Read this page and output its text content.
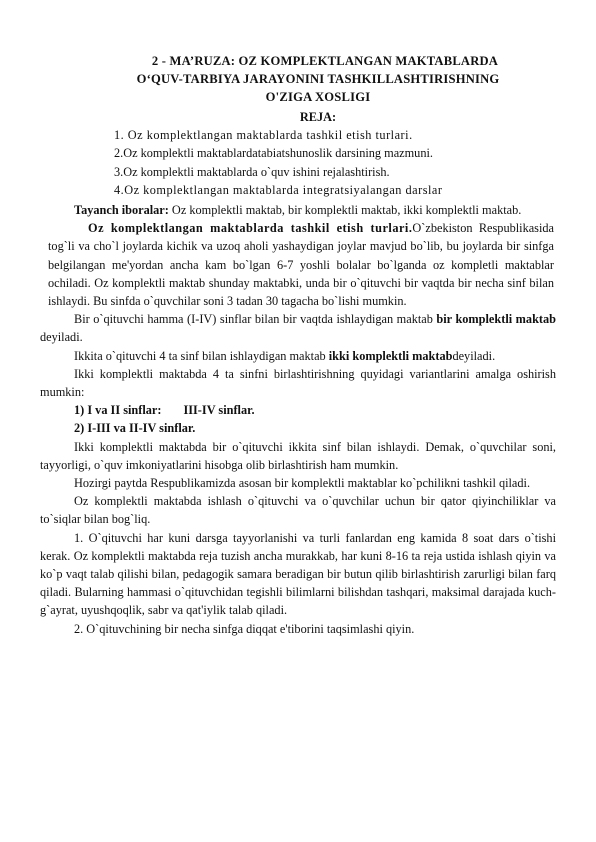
2 - MA’RUZA: OZ KOMPLEKTLANGAN MAKTABLARDA
O‘QUV-TARBIYA JARAYONINI TASHKILLASHTIRISHNING
O'ZIGA XOSLIGI
REJA:
1. Oz komplektlangan maktablarda tashkil etish turlari.
2.Oz komplektli maktablardatabiatshunoslik darsining mazmuni.
3.Oz komplektli maktablarda o`quv ishini rejalashtirish.
4.Oz komplektlangan maktablarda integratsiyalangan darslar

Tayanch iboralar: Oz komplektli maktab, bir komplektli maktab, ikki komplektli maktab.

Oz komplektlangan maktablarda tashkil etish turlari.O`zbekiston Respublikasida tog`li va cho`l joylarda kichik va uzoq aholi yashaydigan joylar mavjud bo`lib, bu joylarda bir sinfga belgilangan me'yordan ancha kam bo`lgan 6-7 yoshli bolalar bo`lganda oz kompletli maktablar ochiladi. Oz komplektli maktab shunday maktabki, unda bir o`qituvchi bir vaqtda bir necha sinf bilan ishlaydi. Bu sinfda o`quvchilar soni 3 tadan 30 tagacha bo`lishi mumkin.

Bir o`qituvchi hamma (I-IV) sinflar bilan bir vaqtda ishlaydigan maktab bir komplektli maktab deyiladi.

Ikkita o`qituvchi 4 ta sinf bilan ishlaydigan maktab ikki komplektli maktabdeyiladi.

Ikki komplektli maktabda 4 ta sinfni birlashtirishning quyidagi variantlarini amalga oshirish mumkin:

1) I va II sinflar: III-IV sinflar.
2) I-III va II-IV sinflar.

Ikki komplektli maktabda bir o`qituvchi ikkita sinf bilan ishlaydi. Demak, o`quvchilar soni, tayyorligi, o`quv imkoniyatlarini hisobga olib birlashtirish ham mumkin.

Hozirgi paytda Respublikamizda asosan bir komplektli maktablar ko`pchilikni tashkil qiladi.

Oz komplektli maktabda ishlash o`qituvchi va o`quvchilar uchun bir qator qiyinchiliklar va to`siqlar bilan bog`liq.

1. O`qituvchi har kuni darsga tayyorlanishi va turli fanlardan eng kamida 8 soat dars o`tishi kerak. Oz komplektli maktabda reja tuzish ancha murakkab, har kuni 8-16 ta reja ustida ishlash qiyin va ko`p vaqt talab qilishi bilan, pedagogik samara beradigan bir butun qilib birlashtirish zarurligi bilan farq qiladi. Bularning hammasi o`qituvchidan tegishli bilimlarni bilishdan tashqari, maksimal darajada kuch-g`ayrat, uyushqoqlik, sabr va qat'iylik talab qiladi.

2. O`qituvchining bir necha sinfga diqqat e'tiborini taqsimlashi qiyin.
